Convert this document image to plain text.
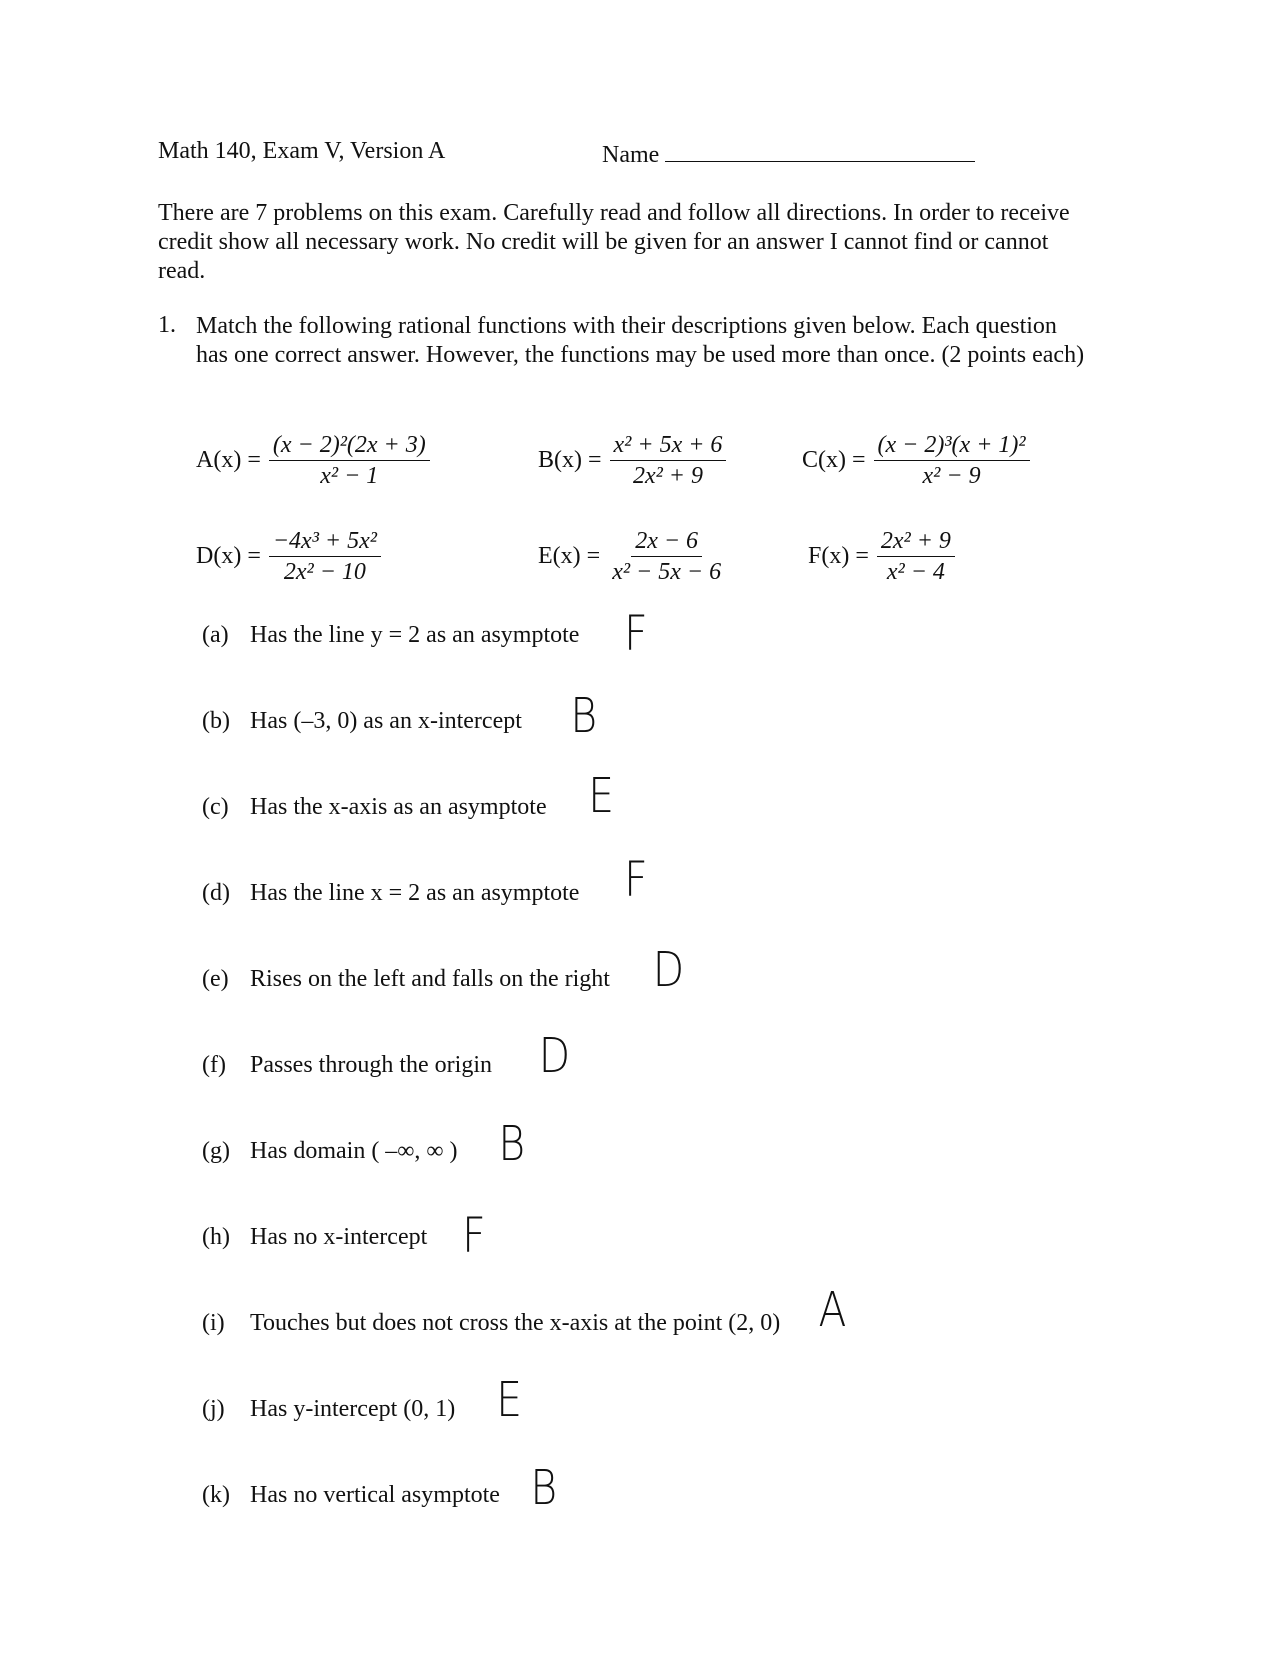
Math 140, Exam V, Version A	Name
There are 7 problems on this exam. Carefully read and follow all directions. In order to receive credit show all necessary work. No credit will be given for an answer I cannot find or cannot read.
1. Match the following rational functions with their descriptions given below. Each question has one correct answer. However, the functions may be used more than once. (2 points each)
$A(x) = \frac{\text{(x − 2)²(2x + 3)}}{\text{x² − 1}}$	$B(x) = \frac{\text{x² + 5x + 6}}{\text{2x² + 9}}$	$C(x) = \frac{\text{(x − 2)³(x + 1)²}}{\text{x² − 9}}$
$D(x) = \frac{\text{−4x³ + 5x²}}{\text{2x² − 10}}$	$E(x) = \frac{2x - 6}{\text{x² − 5x − 6}}$	$F(x) = \frac{\text{2x² + 9}}{\text{x² − 4}}$
(a) Has the line y = 2 as an asymptote F
(b) Has (–3, 0) as an x-intercept B
(c) Has the x-axis as an asymptote E
(d) Has the line x = 2 as an asymptote F
(e) Rises on the left and falls on the right D
(f) Passes through the origin D
(g) Has domain ( –∞, ∞ ) B
(h) Has no x-intercept F
(i) Touches but does not cross the x-axis at the point (2, 0) A
(j) Has y-intercept (0, 1) E
(k) Has no vertical asymptote B
